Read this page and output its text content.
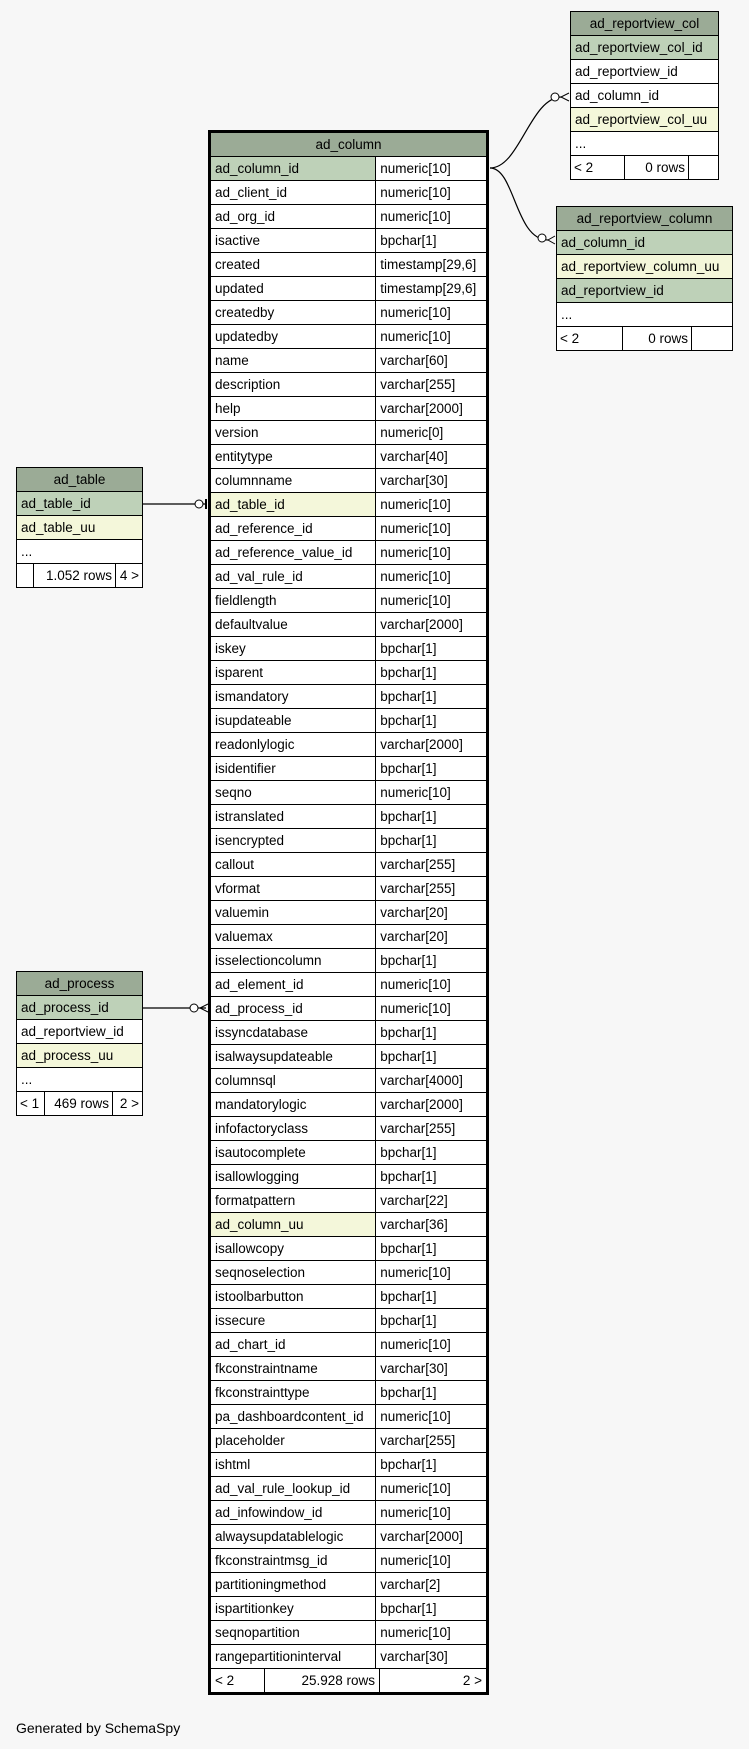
ad_column	
ad_column_id	numeric[10]
ad_client_id	numeric[10]
ad_org_id	numeric[10]
isactive	bpchar[1]
created	timestamp[29,6]
updated	timestamp[29,6]
createdby	numeric[10]
updatedby	numeric[10]
name	varchar[60]
description	varchar[255]
help	varchar[2000]
version	numeric[0]
entitytype	varchar[40]
columnname	varchar[30]
ad_table_id	numeric[10]
ad_reference_id	numeric[10]
ad_reference_value_id	numeric[10]
ad_val_rule_id	numeric[10]
fieldlength	numeric[10]
defaultvalue	varchar[2000]
iskey	bpchar[1]
isparent	bpchar[1]
ismandatory	bpchar[1]
isupdateable	bpchar[1]
readonlylogic	varchar[2000]
isidentifier	bpchar[1]
seqno	numeric[10]
istranslated	bpchar[1]
isencrypted	bpchar[1]
callout	varchar[255]
vformat	varchar[255]
valuemin	varchar[20]
valuemax	varchar[20]
isselectioncolumn	bpchar[1]
ad_element_id	numeric[10]
ad_process_id	numeric[10]
issyncdatabase	bpchar[1]
isalwaysupdateable	bpchar[1]
columnsql	varchar[4000]
mandatorylogic	varchar[2000]
infofactoryclass	varchar[255]
isautocomplete	bpchar[1]
isallowlogging	bpchar[1]
formatpattern	varchar[22]
ad_column_uu	varchar[36]
isallowcopy	bpchar[1]
seqnoselection	numeric[10]
istoolbarbutton	bpchar[1]
issecure	bpchar[1]
ad_chart_id	numeric[10]
fkconstraintname	varchar[30]
fkconstrainttype	bpchar[1]
pa_dashboardcontent_id	numeric[10]
placeholder	varchar[255]
ishtml	bpchar[1]
ad_val_rule_lookup_id	numeric[10]
ad_infowindow_id	numeric[10]
alwaysupdatablelogic	varchar[2000]
fkconstraintmsg_id	numeric[10]
partitioningmethod	varchar[2]
ispartitionkey	bpchar[1]
seqnopartition	numeric[10]
rangepartitioninterval	varchar[30]

< 2 25.928 rows 2 >	
ad_table
ad_table_id
ad_table_uu
...

1.052 rows 4 >
ad_process
ad_process_id
ad_reportview_id
ad_process_uu
...

< 1	469 rows 2 >
ad_reportview_col
ad_reportview_col_id
ad_reportview_id
ad_column_id
ad_reportview_col_uu
...

< 2	0 rows
ad_reportview_column
ad_column_id
ad_reportview_column_uu
ad_reportview_id
...

< 2	0 rows
Generated by SchemaSpy
